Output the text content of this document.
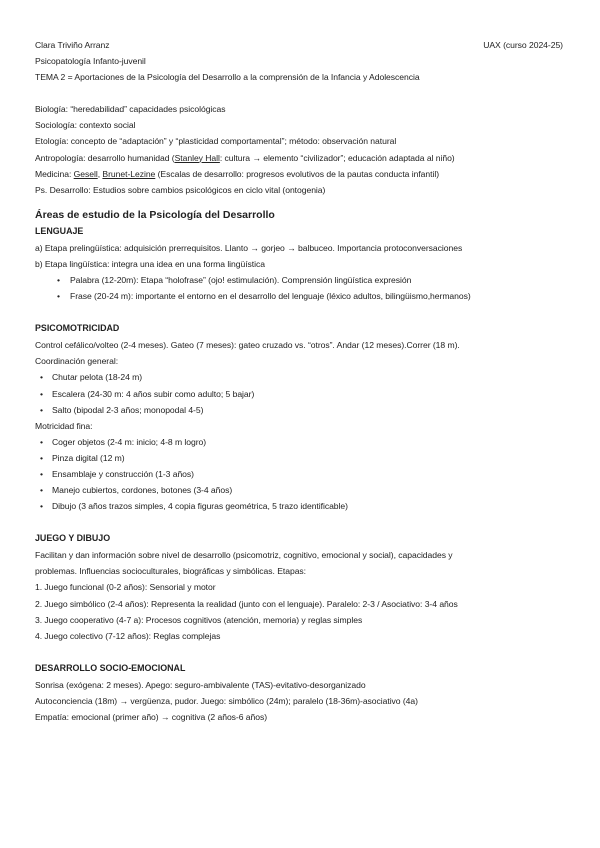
Clara Triviño Arranz	UAX (curso 2024-25)
Psicopatología Infanto-juvenil
TEMA 2 = Aportaciones de la Psicología del Desarrollo a la comprensión de la Infancia y Adolescencia
Biología: “heredabilidad” capacidades psicológicas
Sociología: contexto social
Etología: concepto de “adaptación” y “plasticidad comportamental”; método: observación natural
Antropología: desarrollo humanidad (Stanley Hall: cultura → elemento “civilizador”; educación adaptada al niño)
Medicina: Gesell, Brunet-Lezine (Escalas de desarrollo: progresos evolutivos de la pautas conducta infantil)
Ps. Desarrollo: Estudios sobre cambios psicológicos en ciclo vital (ontogenia)
Áreas de estudio de la Psicología del Desarrollo
LENGUAJE
a) Etapa prelingüística: adquisición prerrequisitos. Llanto → gorjeo → balbuceo. Importancia protoconversaciones
b) Etapa lingüística: integra una idea en una forma lingüística
• Palabra (12-20m): Etapa “holofrase” (ojo! estimulación). Comprensión lingüística expresión
• Frase (20-24 m): importante el entorno en el desarrollo del lenguaje (léxico adultos, bilingüismo,hermanos)
PSICOMOTRICIDAD
Control cefálico/volteo (2-4 meses). Gateo (7 meses): gateo cruzado vs. “otros”. Andar (12 meses).Correr (18 m).
Coordinación general:
• Chutar pelota (18-24 m)
• Escalera (24-30 m: 4 años subir como adulto; 5 bajar)
• Salto (bipodal 2-3 años; monopodal 4-5)
Motricidad fina:
• Coger objetos (2-4 m: inicio; 4-8 m logro)
• Pinza digital (12 m)
• Ensamblaje y construcción (1-3 años)
• Manejo cubiertos, cordones, botones (3-4 años)
• Dibujo (3 años trazos simples, 4 copia figuras geométrica, 5 trazo identificable)
JUEGO Y DIBUJO
Facilitan y dan información sobre nivel de desarrollo (psicomotriz, cognitivo, emocional y social), capacidades y
problemas. Influencias socioculturales, biográficas y simbólicas. Etapas:
1. Juego funcional (0-2 años): Sensorial y motor
2. Juego simbólico (2-4 años): Representa la realidad (junto con el lenguaje). Paralelo: 2-3 / Asociativo: 3-4 años
3. Juego cooperativo (4-7 a): Procesos cognitivos (atención, memoria) y reglas simples
4. Juego colectivo (7-12 años): Reglas complejas
DESARROLLO SOCIO-EMOCIONAL
Sonrisa (exógena: 2 meses). Apego: seguro-ambivalente (TAS)-evitativo-desorganizado
Autoconciencia (18m) → vergüenza, pudor. Juego: simbólico (24m); paralelo (18-36m)-asociativo (4a)
Empatía: emocional (primer año) → cognitiva (2 años-6 años)
